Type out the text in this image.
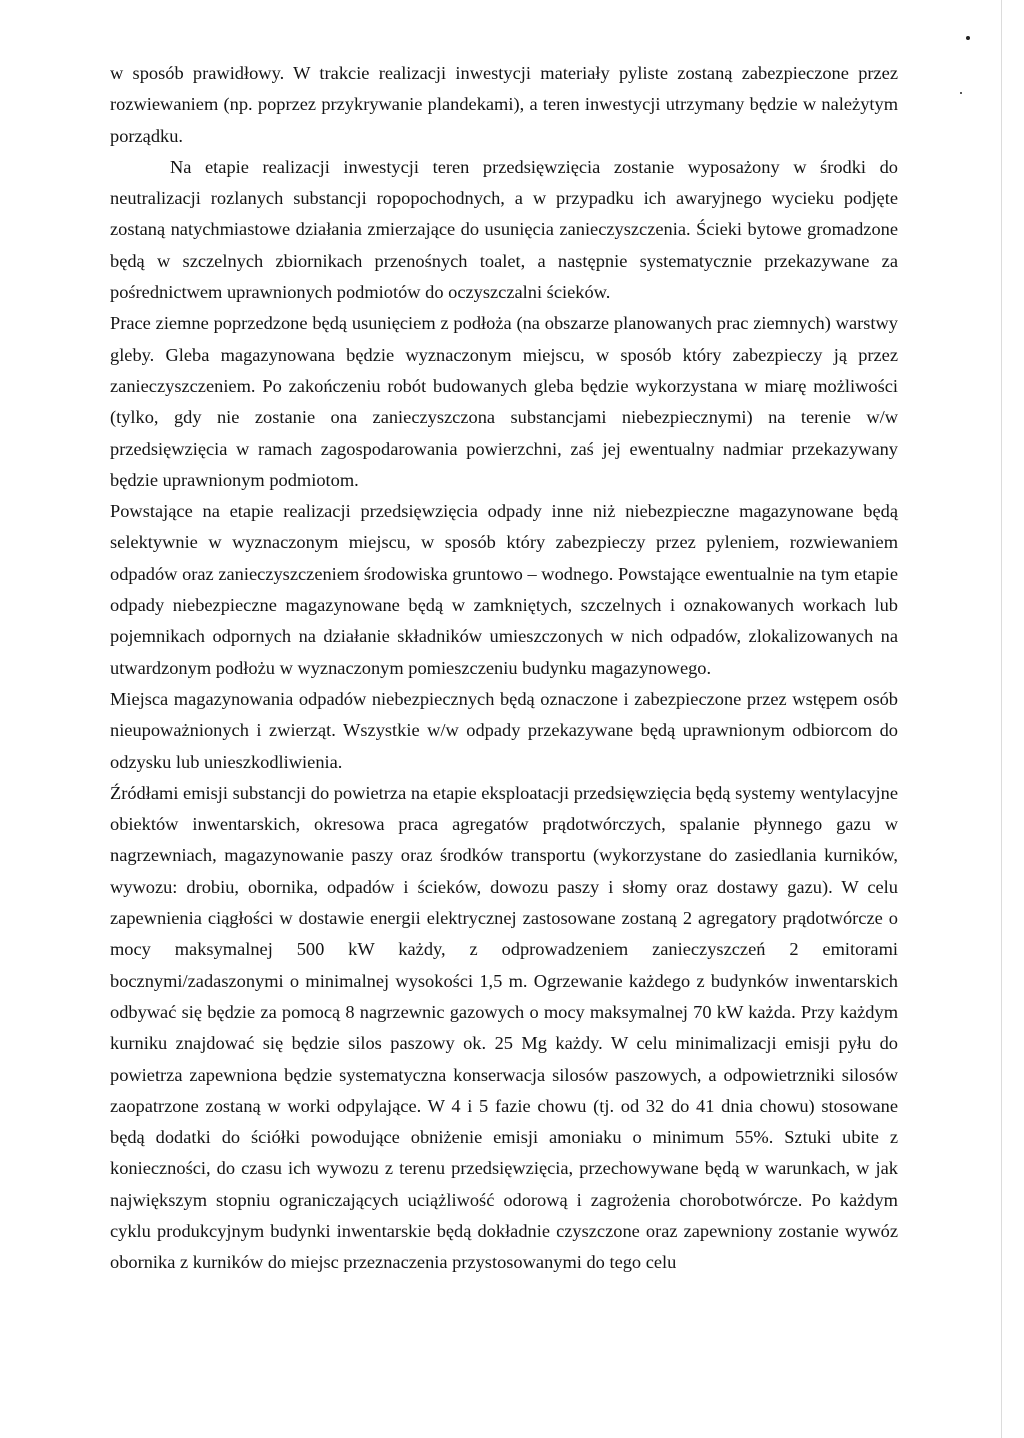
w sposób prawidłowy. W trakcie realizacji inwestycji materiały pyliste zostaną zabezpieczone przez rozwiewaniem (np. poprzez przykrywanie plandekami), a teren inwestycji utrzymany będzie w należytym porządku.

Na etapie realizacji inwestycji teren przedsięwzięcia zostanie wyposażony w środki do neutralizacji rozlanych substancji ropopochodnych, a w przypadku ich awaryjnego wycieku podjęte zostaną natychmiastowe działania zmierzające do usunięcia zanieczyszczenia. Ścieki bytowe gromadzone będą w szczelnych zbiornikach przenośnych toalet, a następnie systematycznie przekazywane za pośrednictwem uprawnionych podmiotów do oczyszczalni ścieków.

Prace ziemne poprzedzone będą usunięciem z podłoża (na obszarze planowanych prac ziemnych) warstwy gleby. Gleba magazynowana będzie wyznaczonym miejscu, w sposób który zabezpieczy ją przez zanieczyszczeniem. Po zakończeniu robót budowanych gleba będzie wykorzystana w miarę możliwości (tylko, gdy nie zostanie ona zanieczyszczona substancjami niebezpiecznymi) na terenie w/w przedsięwzięcia w ramach zagospodarowania powierzchni, zaś jej ewentualny nadmiar przekazywany będzie uprawnionym podmiotom.

Powstające na etapie realizacji przedsięwzięcia odpady inne niż niebezpieczne magazynowane będą selektywnie w wyznaczonym miejscu, w sposób który zabezpieczy przez pyleniem, rozwiewaniem odpadów oraz zanieczyszczeniem środowiska gruntowo – wodnego. Powstające ewentualnie na tym etapie odpady niebezpieczne magazynowane będą w zamkniętych, szczelnych i oznakowanych workach lub pojemnikach odpornych na działanie składników umieszczonych w nich odpadów, zlokalizowanych na utwardzonym podłożu w wyznaczonym pomieszczeniu budynku magazynowego.

Miejsca magazynowania odpadów niebezpiecznych będą oznaczone i zabezpieczone przez wstępem osób nieupoważnionych i zwierząt. Wszystkie w/w odpady przekazywane będą uprawnionym odbiorcom do odzysku lub unieszkodliwienia.

Źródłami emisji substancji do powietrza na etapie eksploatacji przedsięwzięcia będą systemy wentylacyjne obiektów inwentarskich, okresowa praca agregatów prądotwórczych, spalanie płynnego gazu w nagrzewniach, magazynowanie paszy oraz środków transportu (wykorzystane do zasiedlania kurników, wywozu: drobiu, obornika, odpadów i ścieków, dowozu paszy i słomy oraz dostawy gazu). W celu zapewnienia ciągłości w dostawie energii elektrycznej zastosowane zostaną 2 agregatory prądotwórcze o mocy maksymalnej 500 kW każdy, z odprowadzeniem zanieczyszczeń 2 emitorami bocznymi/zadaszonymi o minimalnej wysokości 1,5 m. Ogrzewanie każdego z budynków inwentarskich odbywać się będzie za pomocą 8 nagrzewnic gazowych o mocy maksymalnej 70 kW każda. Przy każdym kurniku znajdować się będzie silos paszowy ok. 25 Mg każdy. W celu minimalizacji emisji pyłu do powietrza zapewniona będzie systematyczna konserwacja silosów paszowych, a odpowietrzniki silosów zaopatrzone zostaną w worki odpylające. W 4 i 5 fazie chowu (tj. od 32 do 41 dnia chowu) stosowane będą dodatki do ściółki powodujące obniżenie emisji amoniaku o minimum 55%. Sztuki ubite z konieczności, do czasu ich wywozu z terenu przedsięwzięcia, przechowywane będą w warunkach, w jak największym stopniu ograniczających uciążliwość odorową i zagrożenia chorobotwórcze. Po każdym cyklu produkcyjnym budynki inwentarskie będą dokładnie czyszczone oraz zapewniony zostanie wywóz obornika z kurników do miejsc przeznaczenia przystosowanymi do tego celu
